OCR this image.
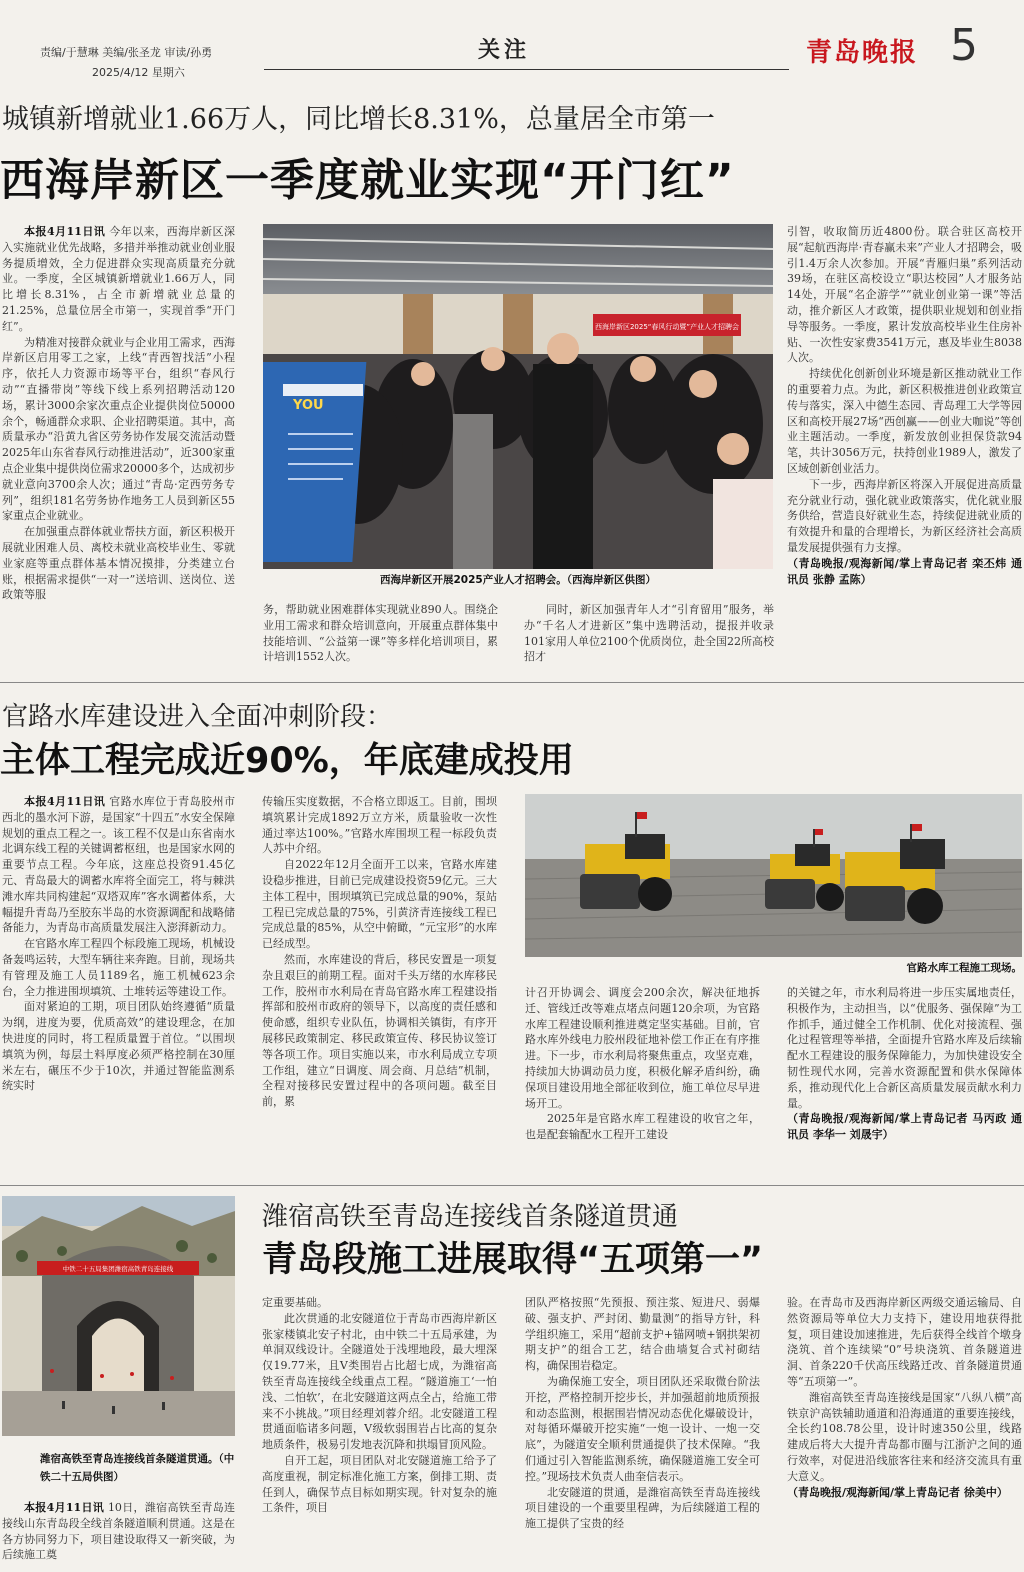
责编/于慧琳 美编/张圣龙 审读/孙勇
2025/4/12 星期六
关注	青岛晚报 5
城镇新增就业1.66万人，同比增长8.31%，总量居全市第一
西海岸新区一季度就业实现“开门红”

本报4月11日讯 今年以来，西海岸新区深入实施就业优先战略，多措并举推动就业创业服务提质增效，全力促进群众实现高质量充分就业。一季度，全区城镇新增就业1.66万人，同比增长8.31%，占全市新增就业总量的21.25%，总量位居全市第一，实现首季“开门红”。

为精准对接群众就业与企业用工需求，西海岸新区启用零工之家，上线“青西智找活”小程序，依托人力资源市场等平台，组织“春风行动”“直播带岗”等线下线上系列招聘活动120场，累计3000余家次重点企业提供岗位50000余个，畅通群众求职、企业招聘渠道。其中，高质量承办“沿黄九省区劳务协作发展交流活动暨2025年山东省春风行动推进活动”，近300家重点企业集中提供岗位需求20000多个，达成初步就业意向3700余人次；通过“青岛·定西劳务专列”，组织181名劳务协作地务工人员到新区55家重点企业就业。

在加强重点群体就业帮扶方面，新区积极开展就业困难人员、离校未就业高校毕业生、零就业家庭等重点群体基本情况摸排，分类建立台账，根据需求提供“一对一”送培训、送岗位、送政策等服

西海岸新区2025“春风行动暨”产业人才招聘会
YOU
西海岸新区开展2025产业人才招聘会。（西海岸新区供图）

务，帮助就业困难群体实现就业890人。围绕企业用工需求和群众培训意向，开展重点群体集中技能培训、“公益第一课”等多样化培训项目，累计培训1552人次。

同时，新区加强青年人才“引育留用”服务，举办“千名人才进新区”集中选聘活动，提报并收录101家用人单位2100个优质岗位，赴全国22所高校招才

引智，收取简历近4800份。联合驻区高校开展“起航西海岸·青春赢未来”产业人才招聘会，吸引1.4万余人次参加。开展“青雁归巢”系列活动39场，在驻区高校设立“职达校园”人才服务站14处，开展“名企游学”“就业创业第一课”等活动，推介新区人才政策，提供职业规划和创业指导等服务。一季度，累计发放高校毕业生住房补贴、一次性安家费3541万元，惠及毕业生8038人次。

持续优化创新创业环境是新区推动就业工作的重要着力点。为此，新区积极推进创业政策宣传与落实，深入中德生态园、青岛理工大学等园区和高校开展27场“西创赢——创业大咖说”等创业主题活动。一季度，新发放创业担保贷款94笔，共计3056万元，扶持创业1989人，激发了区域创新创业活力。

下一步，西海岸新区将深入开展促进高质量充分就业行动，强化就业政策落实，优化就业服务供给，营造良好就业生态，持续促进就业质的有效提升和量的合理增长，为新区经济社会高质量发展提供强有力支撑。

（青岛晚报/观海新闻/掌上青岛记者 栾丕炜 通讯员 张静 孟陈）

官路水库建设进入全面冲刺阶段：
主体工程完成近90%，年底建成投用

本报4月11日讯 官路水库位于青岛胶州市西北的墨水河下游，是国家“十四五”水安全保障规划的重点工程之一。该工程不仅是山东省南水北调东线工程的关键调蓄枢纽，也是国家水网的重要节点工程。今年底，这座总投资91.45亿元、青岛最大的调蓄水库将全面完工，将与棘洪滩水库共同构建起“双塔双库”客水调蓄体系，大幅提升青岛乃至胶东半岛的水资源调配和战略储备能力，为青岛市高质量发展注入澎湃新动力。

在官路水库工程四个标段施工现场，机械设备轰鸣运转，大型车辆往来奔跑。目前，现场共有管理及施工人员1189名，施工机械623余台，全力推进围坝填筑、土堆转运等建设工作。

面对紧迫的工期，项目团队始终遵循“质量为纲，进度为要，优质高效”的建设理念，在加快进度的同时，将工程质量置于首位。“以围坝填筑为例，每层土料厚度必须严格控制在30厘米左右，碾压不少于10次，并通过智能监测系统实时

传输压实度数据，不合格立即返工。目前，围坝填筑累计完成1892万立方米，质量验收一次性通过率达100%。”官路水库围坝工程一标段负责人苏中介绍。

自2022年12月全面开工以来，官路水库建设稳步推进，目前已完成建设投资59亿元。三大主体工程中，围坝填筑已完成总量的90%，泵站工程已完成总量的75%，引黄济青连接线工程已完成总量的85%，从空中俯瞰，“元宝形”的水库已经成型。

然而，水库建设的背后，移民安置是一项复杂且艰巨的前期工程。面对千头万绪的水库移民工作，胶州市水利局在青岛官路水库工程建设指挥部和胶州市政府的领导下，以高度的责任感和使命感，组织专业队伍，协调相关镇街，有序开展移民政策制定、移民政策宣传、移民协议签订等各项工作。项目实施以来，市水利局成立专项工作组，建立“日调度、周会商、月总结”机制，全程对接移民安置过程中的各项问题。截至目前，累

官路水库工程施工现场。

计召开协调会、调度会200余次，解决征地拆迁、管线迁改等难点堵点问题120余项，为官路水库工程建设顺利推进奠定坚实基础。目前，官路水库外线电力胶州段征地补偿工作正在有序推进。下一步，市水利局将聚焦重点，攻坚克难，持续加大协调动员力度，积极化解矛盾纠纷，确保项目建设用地全部征收到位，施工单位尽早进场开工。

2025年是官路水库工程建设的收官之年，也是配套输配水工程开工建设

的关键之年，市水利局将进一步压实属地责任，积极作为，主动担当，以“优服务、强保障”为工作抓手，通过健全工作机制、优化对接流程、强化过程管理等举措，全面提升官路水库及后续输配水工程建设的服务保障能力，为加快建设安全韧性现代水网，完善水资源配置和供水保障体系，推动现代化上合新区高质量发展贡献水利力量。

（青岛晚报/观海新闻/掌上青岛记者 马丙政 通讯员 李华一 刘晟宇）

中铁二十五局集团潍宿高铁青岛连接线
潍宿高铁至青岛连接线首条隧道贯通。（中铁二十五局供图）
潍宿高铁至青岛连接线首条隧道贯通
青岛段施工进展取得“五项第一”

本报4月11日讯 10日，潍宿高铁至青岛连接线山东青岛段全线首条隧道顺利贯通。这是在各方协同努力下，项目建设取得又一新突破，为后续施工奠

定重要基础。

此次贯通的北安隧道位于青岛市西海岸新区张家楼镇北安子村北，由中铁二十五局承建，为单洞双线设计。全隧道处于浅埋地段，最大埋深仅19.77米，且V类围岩占比超七成，为潍宿高铁至青岛连接线全线重点工程。“隧道施工‘一怕浅、二怕软’，在北安隧道这两点全占，给施工带来不小挑战。”项目经理刘蓉介绍。北安隧道工程贯通面临诸多问题，V级软弱围岩占比高的复杂地质条件，极易引发地表沉降和拱塌冒顶风险。

自开工起，项目团队对北安隧道施工给予了高度重视，制定标准化施工方案，倒排工期、责任到人，确保节点目标如期实现。针对复杂的施工条件，项目

团队严格按照“先预报、预注浆、短进尺、弱爆破、强支护、严封闭、勤量测”的指导方针，科学组织施工，采用“超前支护+锚网喷+钢拱架初期支护”的组合工艺，结合曲墙复合式衬砌结构，确保围岩稳定。

为确保施工安全，项目团队还采取微台阶法开挖，严格控制开挖步长，并加强超前地质预报和动态监测，根据围岩情况动态优化爆破设计，对每循环爆破开挖实施“一炮一设计、一炮一交底”，为隧道安全顺利贯通提供了技术保障。“我们通过引入智能监测系统，确保隧道施工安全可控。”现场技术负责人曲奎信表示。

北安隧道的贯通，是潍宿高铁至青岛连接线项目建设的一个重要里程碑，为后续隧道工程的施工提供了宝贵的经

验。在青岛市及西海岸新区两级交通运输局、自然资源局等单位大力支持下，建设用地获得批复，项目建设加速推进，先后获得全线首个墩身浇筑、首个连续梁“0”号块浇筑、首条隧道进洞、首条220千伏高压线路迁改、首条隧道贯通等“五项第一”。

潍宿高铁至青岛连接线是国家“八纵八横”高铁京沪高铁辅助通道和沿海通道的重要连接线，全长约108.78公里，设计时速350公里，线路建成后将大大提升青岛都市圈与江浙沪之间的通行效率，对促进沿线旅客往来和经济交流具有重大意义。

（青岛晚报/观海新闻/掌上青岛记者 徐美中）
